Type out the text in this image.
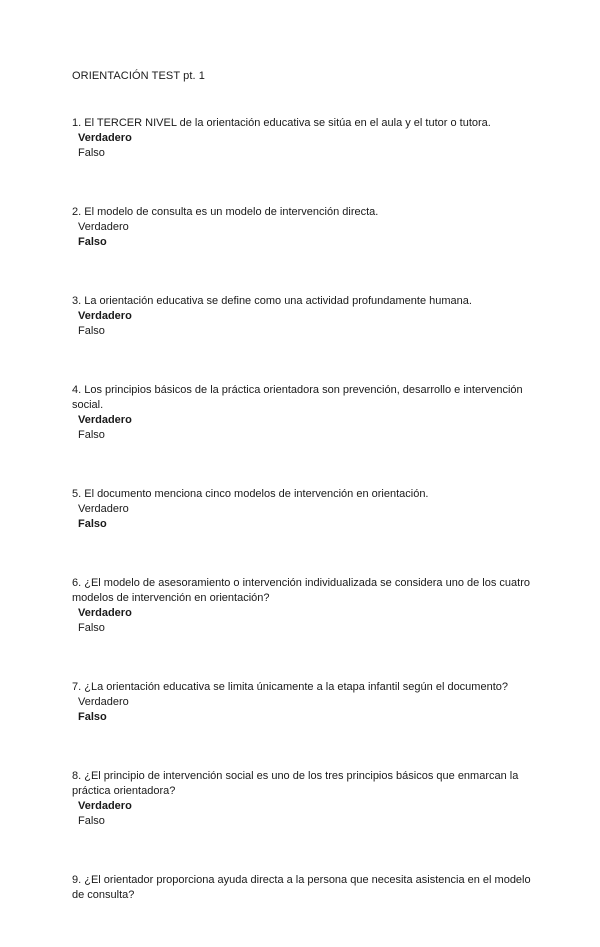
ORIENTACIÓN TEST pt. 1
1. El TERCER NIVEL de la orientación educativa se sitúa en el aula y el tutor o tutora.
Verdadero
Falso
2. El modelo de consulta es un modelo de intervención directa.
Verdadero
Falso
3. La orientación educativa se define como una actividad profundamente humana.
Verdadero
Falso
4. Los principios básicos de la práctica orientadora son prevención, desarrollo e intervención social.
Verdadero
Falso
5. El documento menciona cinco modelos de intervención en orientación.
Verdadero
Falso
6. ¿El modelo de asesoramiento o intervención individualizada se considera uno de los cuatro modelos de intervención en orientación?
Verdadero
Falso
7. ¿La orientación educativa se limita únicamente a la etapa infantil según el documento?
Verdadero
Falso
8. ¿El principio de intervención social es uno de los tres principios básicos que enmarcan la práctica orientadora?
Verdadero
Falso
9. ¿El orientador proporciona ayuda directa a la persona que necesita asistencia en el modelo de consulta?
